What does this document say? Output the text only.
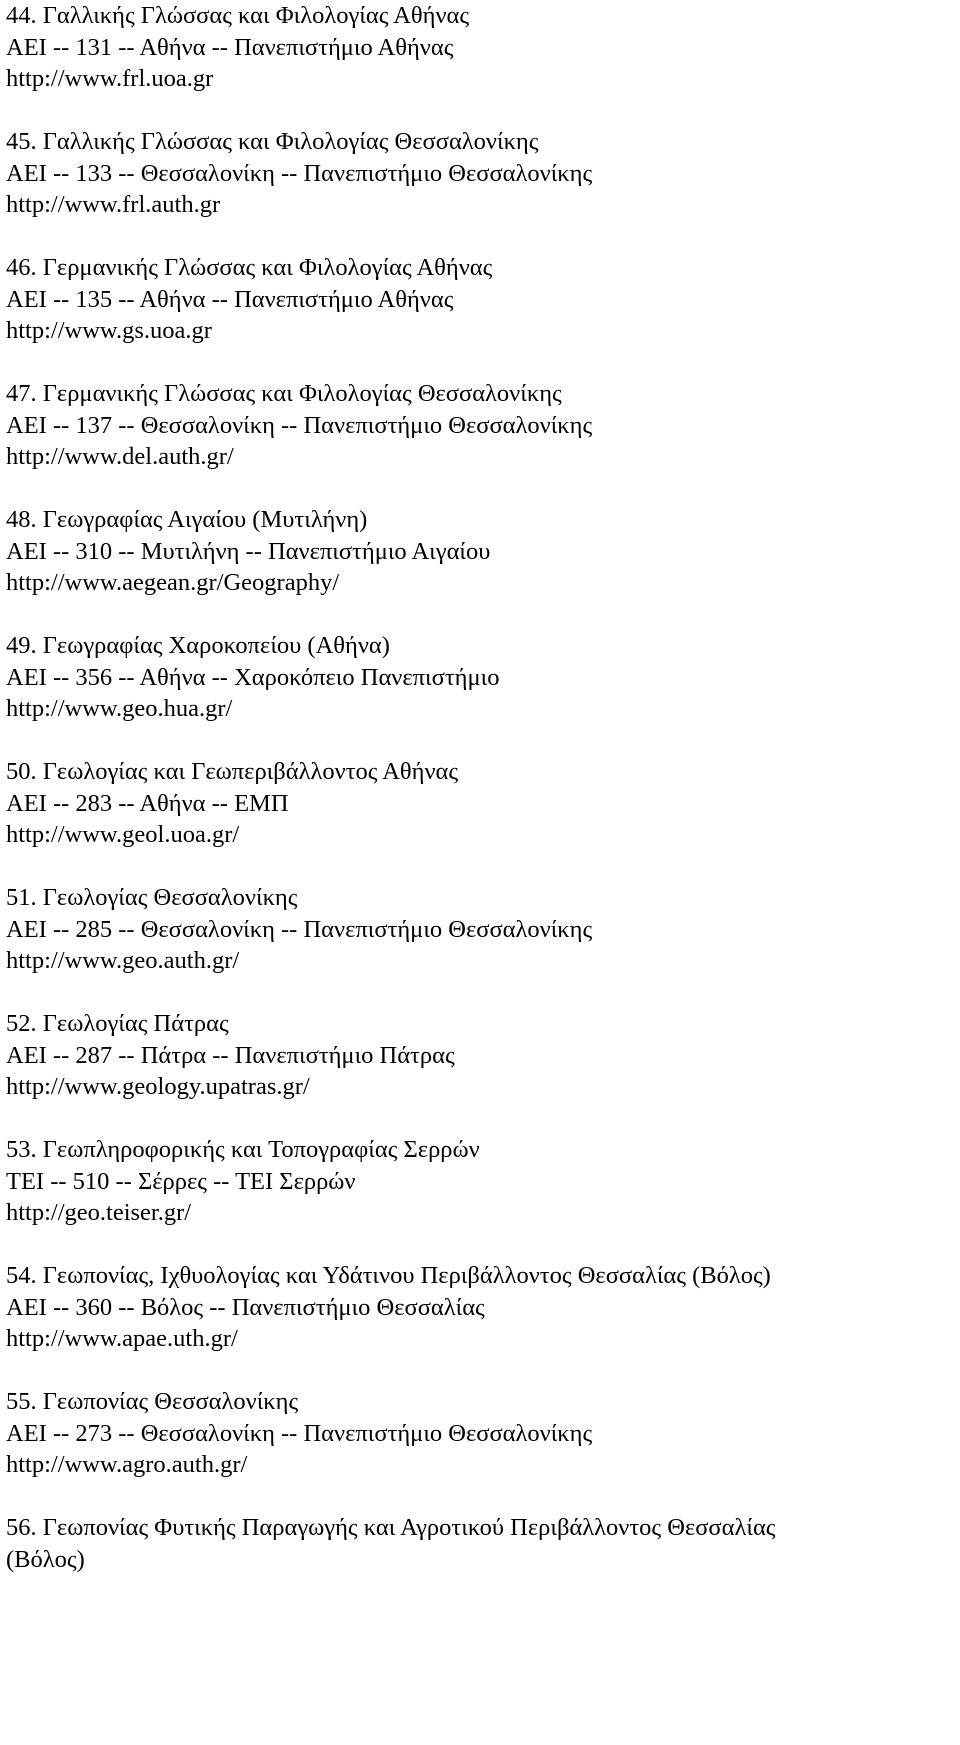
44. Γαλλικής Γλώσσας και Φιλολογίας Αθήνας
ΑΕΙ -- 131 -- Αθήνα -- Πανεπιστήμιο Αθήνας
http://www.frl.uoa.gr
45. Γαλλικής Γλώσσας και Φιλολογίας Θεσσαλονίκης
ΑΕΙ -- 133 -- Θεσσαλονίκη -- Πανεπιστήμιο Θεσσαλονίκης
http://www.frl.auth.gr
46. Γερμανικής Γλώσσας και Φιλολογίας Αθήνας
ΑΕΙ -- 135 -- Αθήνα -- Πανεπιστήμιο Αθήνας
http://www.gs.uoa.gr
47. Γερμανικής Γλώσσας και Φιλολογίας Θεσσαλονίκης
ΑΕΙ -- 137 -- Θεσσαλονίκη -- Πανεπιστήμιο Θεσσαλονίκης
http://www.del.auth.gr/
48. Γεωγραφίας Αιγαίου (Μυτιλήνη)
ΑΕΙ -- 310 -- Μυτιλήνη -- Πανεπιστήμιο Αιγαίου
http://www.aegean.gr/Geography/
49. Γεωγραφίας Χαροκοπείου (Αθήνα)
ΑΕΙ -- 356 -- Αθήνα -- Χαροκόπειο Πανεπιστήμιο
http://www.geo.hua.gr/
50. Γεωλογίας και Γεωπεριβάλλοντος Αθήνας
ΑΕΙ -- 283 -- Αθήνα -- ΕΜΠ
http://www.geol.uoa.gr/
51. Γεωλογίας Θεσσαλονίκης
ΑΕΙ -- 285 -- Θεσσαλονίκη -- Πανεπιστήμιο Θεσσαλονίκης
http://www.geo.auth.gr/
52. Γεωλογίας Πάτρας
ΑΕΙ -- 287 -- Πάτρα -- Πανεπιστήμιο Πάτρας
http://www.geology.upatras.gr/
53. Γεωπληροφορικής και Τοπογραφίας Σερρών
ΤΕΙ -- 510 -- Σέρρες -- ΤΕΙ Σερρών
http://geo.teiser.gr/
54. Γεωπονίας, Ιχθυολογίας και Υδάτινου Περιβάλλοντος Θεσσαλίας (Βόλος)
ΑΕΙ -- 360 -- Βόλος -- Πανεπιστήμιο Θεσσαλίας
http://www.apae.uth.gr/
55. Γεωπονίας Θεσσαλονίκης
ΑΕΙ -- 273 -- Θεσσαλονίκη -- Πανεπιστήμιο Θεσσαλονίκης
http://www.agro.auth.gr/
56. Γεωπονίας Φυτικής Παραγωγής και Αγροτικού Περιβάλλοντος Θεσσαλίας
(Βόλος)
